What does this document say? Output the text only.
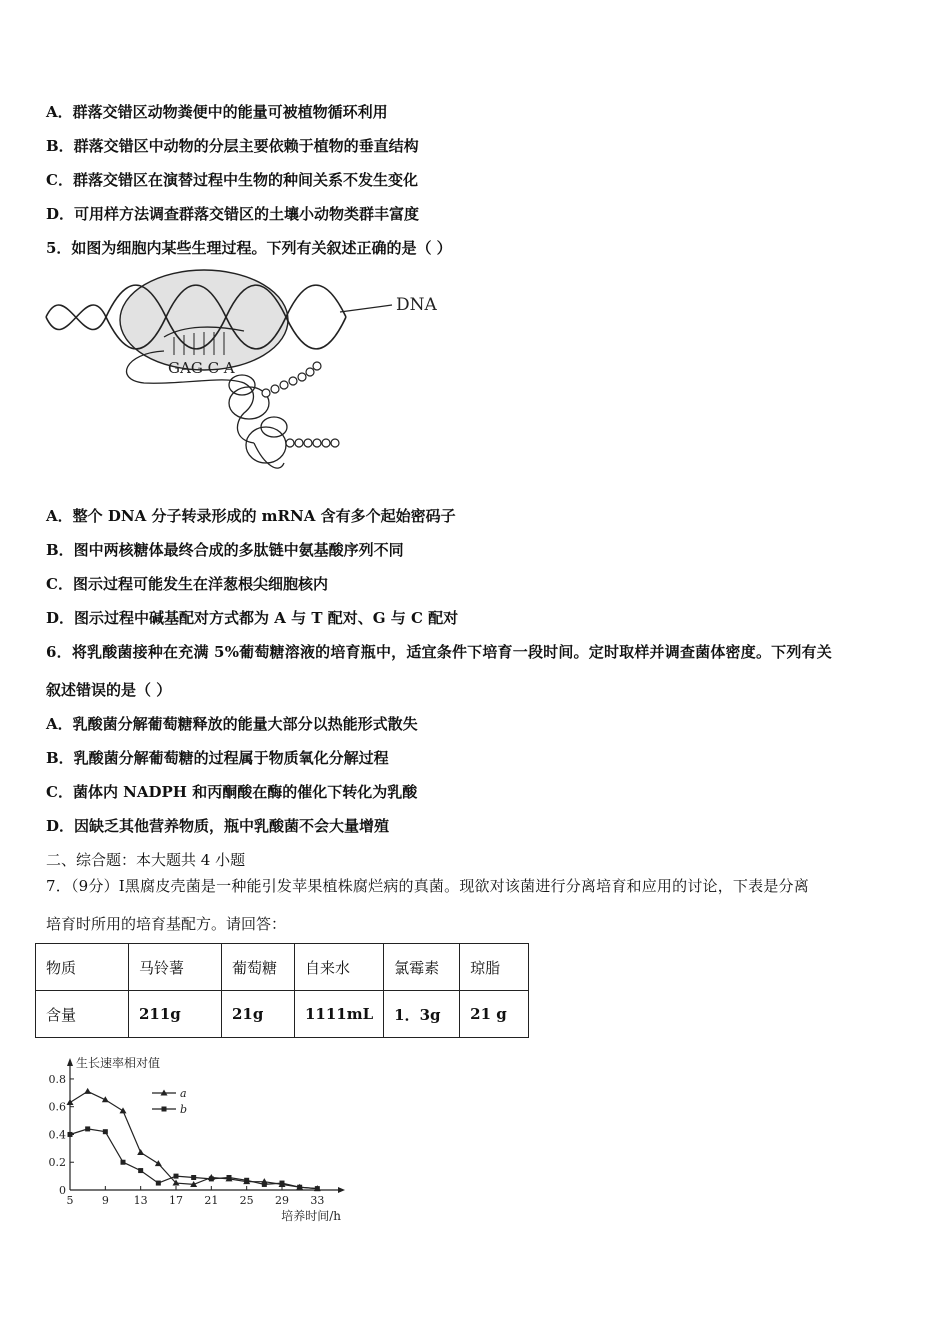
A．群落交错区动物粪便中的能量可被植物循环利用
B．群落交错区中动物的分层主要依赖于植物的垂直结构
C．群落交错区在演替过程中生物的种间关系不发生变化
D．可用样方法调查群落交错区的土壤小动物类群丰富度
5．如图为细胞内某些生理过程。下列有关叙述正确的是（ ）
DNA
GAG C A
A．整个 DNA 分子转录形成的 mRNA 含有多个起始密码子
B．图中两核糖体最终合成的多肽链中氨基酸序列不同
C．图示过程可能发生在洋葱根尖细胞核内
D．图示过程中碱基配对方式都为 A 与 T 配对、G 与 C 配对
6．将乳酸菌接种在充满 5%葡萄糖溶液的培育瓶中，适宜条件下培育一段时间。定时取样并调查菌体密度。下列有关
叙述错误的是（ ）
A．乳酸菌分解葡萄糖释放的能量大部分以热能形式散失
B．乳酸菌分解葡萄糖的过程属于物质氧化分解过程
C．菌体内 NADPH 和丙酮酸在酶的催化下转化为乳酸
D．因缺乏其他营养物质，瓶中乳酸菌不会大量增殖
二、综合题：本大题共 4 小题
7．（9分）Ⅰ黑腐皮壳菌是一种能引发苹果植株腐烂病的真菌。现欲对该菌进行分离培育和应用的讨论，下表是分离
培育时所用的培育基配方。请回答：
物质	马铃薯	葡萄糖	自来水	氯霉素	琼脂
含量	211g	21g	1111mL	1．3g	21 g
0
0.2
0.4
0.6
0.8
5	9 13 17 21 25 29 33
生长速率相对值
培养时间/h
a
b
